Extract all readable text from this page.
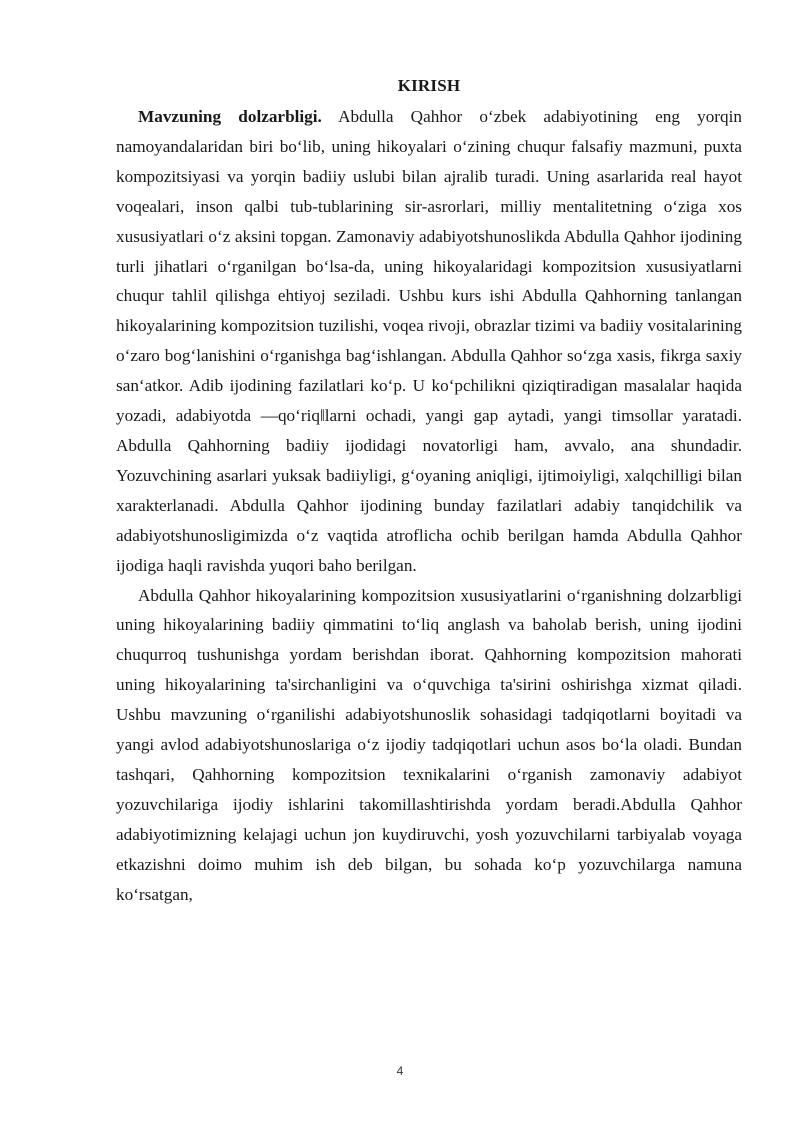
KIRISH

Mavzuning dolzarbligi. Abdulla Qahhor o‘zbek adabiyotining eng yorqin namoyandalaridan biri bo‘lib, uning hikoyalari o‘zining chuqur falsafiy mazmuni, puxta kompozitsiyasi va yorqin badiiy uslubi bilan ajralib turadi. Uning asarlarida real hayot voqealari, inson qalbi tub-tublarining sir-asrorlari, milliy mentalitetning o‘ziga xos xususiyatlari o‘z aksini topgan. Zamonaviy adabiyotshunoslikda Abdulla Qahhor ijodining turli jihatlari o‘rganilgan bo‘lsa-da, uning hikoyalaridagi kompozitsion xususiyatlarni chuqur tahlil qilishga ehtiyoj seziladi. Ushbu kurs ishi Abdulla Qahhorning tanlangan hikoyalarining kompozitsion tuzilishi, voqea rivoji, obrazlar tizimi va badiiy vositalarining o‘zaro bog‘lanishini o‘rganishga bag‘ishlangan. Abdulla Qahhor so‘zga xasis, fikrga saxiy san‘atkor. Adib ijodining fazilatlari ko‘p. U ko‘pchilikni qiziqtiradigan masalalar haqida yozadi, adabiyotda ―qo‘riq‖larni ochadi, yangi gap aytadi, yangi timsollar yaratadi. Abdulla Qahhorning badiiy ijodidagi novatorligi ham, avvalo, ana shundadir. Yozuvchining asarlari yuksak badiiyligi, g‘oyaning aniqligi, ijtimoiyligi, xalqchilligi bilan xarakterlanadi. Abdulla Qahhor ijodining bunday fazilatlari adabiy tanqidchilik va adabiyotshunosligimizda o‘z vaqtida atroflicha ochib berilgan hamda Abdulla Qahhor ijodiga haqli ravishda yuqori baho berilgan.

Abdulla Qahhor hikoyalarining kompozitsion xususiyatlarini o‘rganishning dolzarbligi uning hikoyalarining badiiy qimmatini to‘liq anglash va baholab berish, uning ijodini chuqurroq tushunishga yordam berishdan iborat. Qahhorning kompozitsion mahorati uning hikoyalarining ta'sirchanligini va o‘quvchiga ta'sirini oshirishga xizmat qiladi. Ushbu mavzuning o‘rganilishi adabiyotshunoslik sohasidagi tadqiqotlarni boyitadi va yangi avlod adabiyotshunoslariga o‘z ijodiy tadqiqotlari uchun asos bo‘la oladi. Bundan tashqari, Qahhorning kompozitsion texnikalarini o‘rganish zamonaviy adabiyot yozuvchilariga ijodiy ishlarini takomillashtirishda yordam beradi.Abdulla Qahhor adabiyotimizning kelajagi uchun jon kuydiruvchi, yosh yozuvchilarni tarbiyalab voyaga etkazishni doimo muhim ish deb bilgan, bu sohada ko‘p yozuvchilarga namuna ko‘rsatgan,

4
